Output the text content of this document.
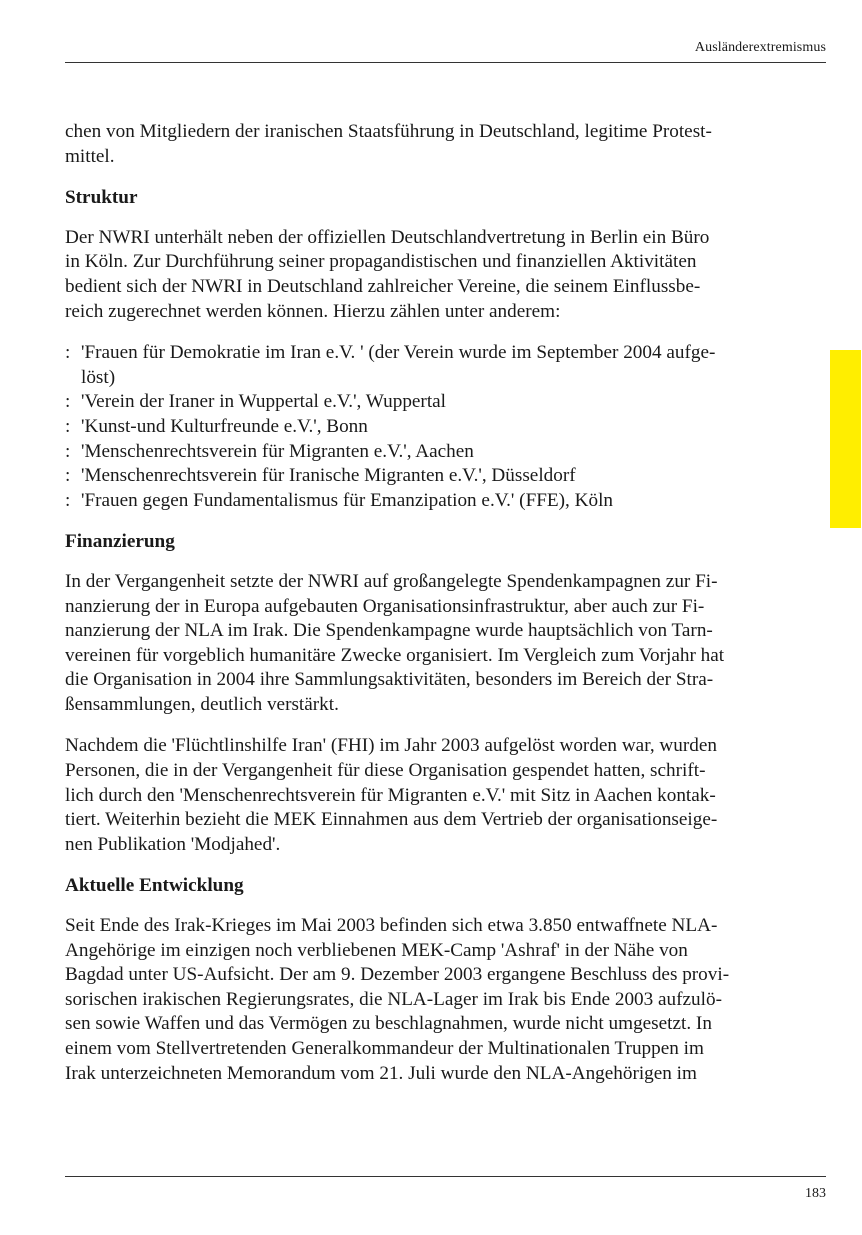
Ausländerextremismus

chen von Mitgliedern der iranischen Staatsführung in Deutschland, legitime Protest-
mittel.

Struktur

Der NWRI unterhält neben der offiziellen Deutschlandvertretung in Berlin ein Büro
in Köln. Zur Durchführung seiner propagandistischen und finanziellen Aktivitäten
bedient sich der NWRI in Deutschland zahlreicher Vereine, die seinem Einflussbe-
reich zugerechnet werden können. Hierzu zählen unter anderem:

: 'Frauen für Demokratie im Iran e.V. ' (der Verein wurde im September 2004 aufge-
löst)
: 'Verein der Iraner in Wuppertal e.V.', Wuppertal
: 'Kunst-und Kulturfreunde e.V.', Bonn
: 'Menschenrechtsverein für Migranten e.V.', Aachen
: 'Menschenrechtsverein für Iranische Migranten e.V.', Düsseldorf
: 'Frauen gegen Fundamentalismus für Emanzipation e.V.' (FFE), Köln

Finanzierung

In der Vergangenheit setzte der NWRI auf großangelegte Spendenkampagnen zur Fi-
nanzierung der in Europa aufgebauten Organisationsinfrastruktur, aber auch zur Fi-
nanzierung der NLA im Irak. Die Spendenkampagne wurde hauptsächlich von Tarn-
vereinen für vorgeblich humanitäre Zwecke organisiert. Im Vergleich zum Vorjahr hat
die Organisation in 2004 ihre Sammlungsaktivitäten, besonders im Bereich der Stra-
ßensammlungen, deutlich verstärkt.

Nachdem die 'Flüchtlinshilfe Iran' (FHI) im Jahr 2003 aufgelöst worden war, wurden
Personen, die in der Vergangenheit für diese Organisation gespendet hatten, schrift-
lich durch den 'Menschenrechtsverein für Migranten e.V.' mit Sitz in Aachen kontak-
tiert. Weiterhin bezieht die MEK Einnahmen aus dem Vertrieb der organisationseige-
nen Publikation 'Modjahed'.

Aktuelle Entwicklung

Seit Ende des Irak-Krieges im Mai 2003 befinden sich etwa 3.850 entwaffnete NLA-
Angehörige im einzigen noch verbliebenen MEK-Camp 'Ashraf' in der Nähe von
Bagdad unter US-Aufsicht. Der am 9. Dezember 2003 ergangene Beschluss des provi-
sorischen irakischen Regierungsrates, die NLA-Lager im Irak bis Ende 2003 aufzulö-
sen sowie Waffen und das Vermögen zu beschlagnahmen, wurde nicht umgesetzt. In
einem vom Stellvertretenden Generalkommandeur der Multinationalen Truppen im
Irak unterzeichneten Memorandum vom 21. Juli wurde den NLA-Angehörigen im

183
